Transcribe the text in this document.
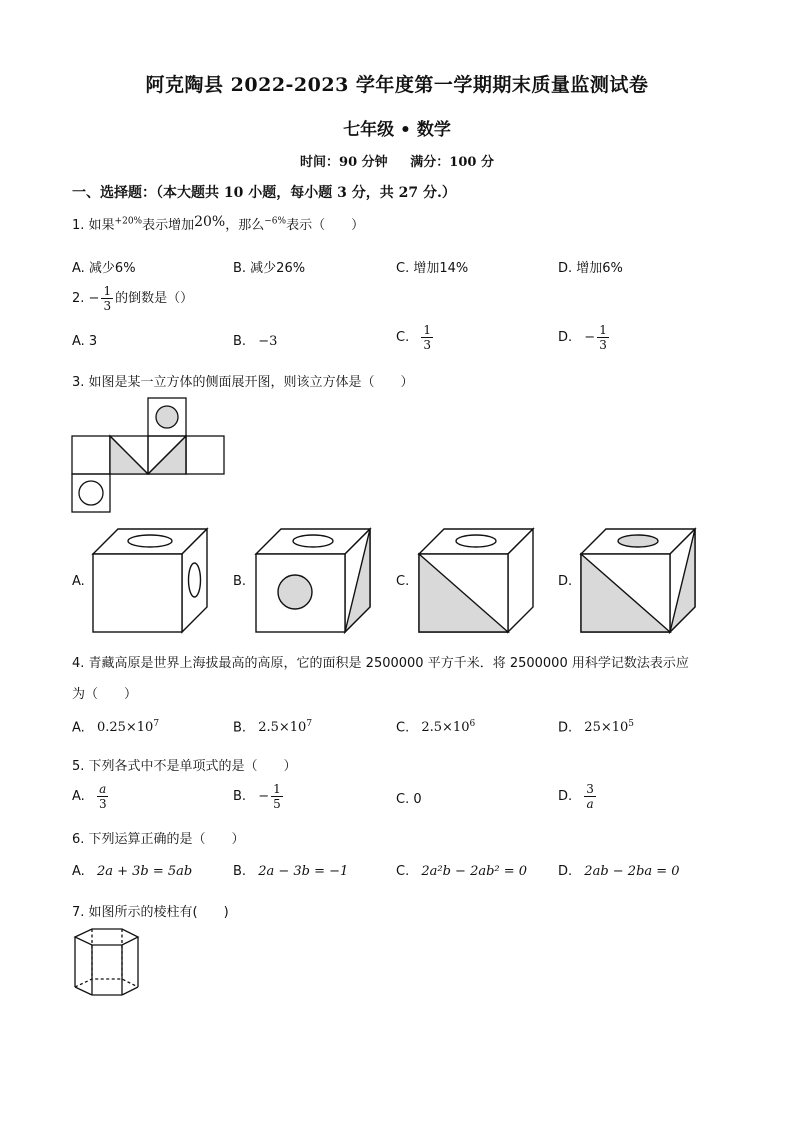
阿克陶县 2022-2023 学年度第一学期期末质量监测试卷
七年级 • 数学
时间：90 分钟     满分：100 分
一、选择题：（本大题共 10 小题，每小题 3 分，共 27 分.）
1. 如果$^{+20\%}$表示增加20%，那么$^{-6\%}$表示（　　）
A. 减少6%	B. 减少26%	C. 增加14%	D. 增加6%
2. − $\frac{1}{3}$ 的倒数是（）
A. 3	B. −3	C. $\frac{1}{3}$	D. − $\frac{1}{3}$
3. 如图是某一立方体的侧面展开图，则该立方体是（　　）
A.	B.	C.	D.
4. 青藏高原是世界上海拔最高的高原，它的面积是 2500000 平方千米．将 2500000 用科学记数法表示应
为（　　）
A. $0.25\times 10^7$	B. $2.5\times 10^7$	C. $2.5\times 10^6$	D. $25\times 10^5$
5. 下列各式中不是单项式的是（　　）
A. $\frac{a}{3}$	B. − $\frac{1}{5}$	C. 0	D. $\frac{3}{a}$
6. 下列运算正确的是（　　）
A. 2a + 3b = 5ab	B. 2a − 3b = −1	C. 2a²b − 2ab² = 0 D. 2ab − 2ba = 0
7. 如图所示的棱柱有(　　)
